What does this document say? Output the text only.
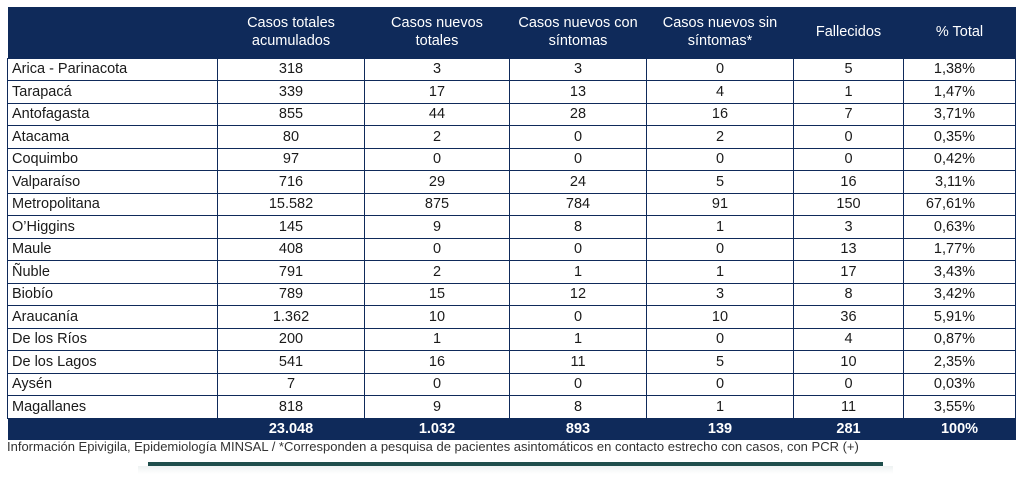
	Casos totales acumulados	Casos nuevos totales	Casos nuevos con síntomas	Casos nuevos sin síntomas*	Fallecidos	% Total
Arica - Parinacota	318	3	3	0	5	1,38%
Tarapacá	339	17	13	4	1	1,47%
Antofagasta	855	44	28	16	7	3,71%
Atacama	80	2	0	2	0	0,35%
Coquimbo	97	0	0	0	0	0,42%
Valparaíso	716	29	24	5	16	3,11%
Metropolitana	15.582	875	784	91	150	67,61%
O’Higgins	145	9	8	1	3	0,63%
Maule	408	0	0	0	13	1,77%
Ñuble	791	2	1	1	17	3,43%
Biobío	789	15	12	3	8	3,42%
Araucanía	1.362	10	0	10	36	5,91%
De los Ríos	200	1	1	0	4	0,87%
De los Lagos	541	16	11	5	10	2,35%
Aysén	7	0	0	0	0	0,03%
Magallanes	818	9	8	1	11	3,55%
	23.048	1.032	893	139	281	100%
Información Epivigila, Epidemiología MINSAL / *Corresponden a pesquisa de pacientes asintomáticos en contacto estrecho con casos, con PCR (+)
